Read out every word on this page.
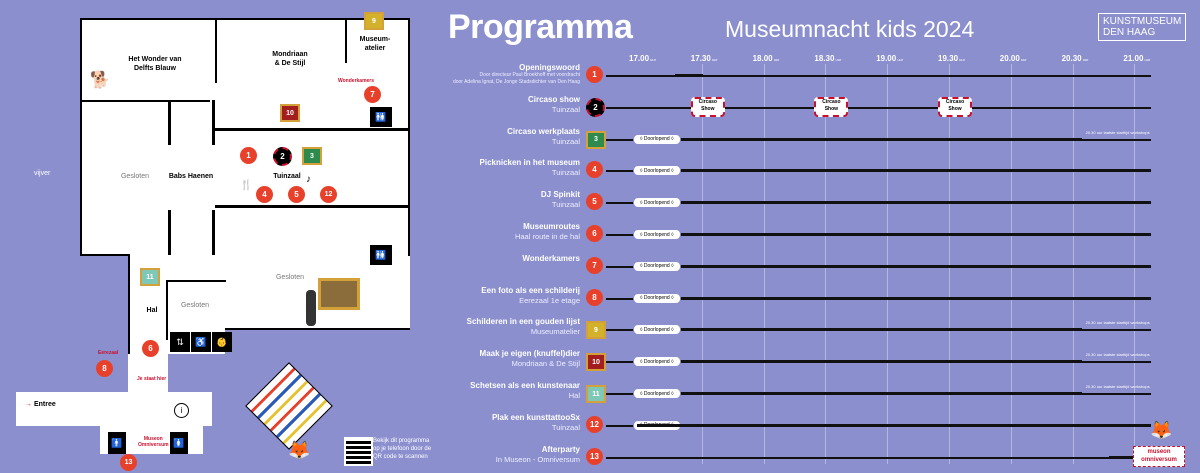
Het Wonder van
Delfts Blauw
Mondriaan
& De Stijl
Museum-
atelier
Babs Haenen	Tuinzaal
Hal
Gesloten
Gesloten
Gesloten
vijver
1	2	3
4	5	12
10
9
11
7
6
8
13
Wonderkamers
Eerezaal
Je staat hier
→ Entree
Museon
Omniversum
🚻
🚻
⇅	♿	👶
🚹	🚺
i
♪
🍴
🐕
🦊	Bekijk dit programma
op je telefoon door de
QR code te scannen
Programma	Museumnacht kids 2024	KUNSTMUSEUM
DEN HAAG
17.00 uur	17.30 uur	18.00 uur	18.30 uur	19.00 uur	19.30 uur	20.00 uur	20.30 uur	21.00 uur
Openingswoord
Door directeur Paul Broekhoff met voordracht
door Adelina Ignat, De Jonge Stadsdichter van Den Haag
1
Circaso show
Tuinzaal	2
Circaso
Show
Circaso
Show
Circaso
Show
Circaso werkplaats
Tuinzaal	3	◊ Doorlopend ◊
20.30 uur laatste starttijd workshops
Picknicken in het museum
Tuinzaal	4	◊ Doorlopend ◊
DJ Spinkit
Tuinzaal	5	◊ Doorlopend ◊
Museumroutes
Haal route in de hal	6	◊ Doorlopend ◊
Wonderkamers
7	◊ Doorlopend ◊
Een foto als een schilderij
Eerezaal 1e etage	8	◊ Doorlopend ◊
Schilderen in een gouden lijst
Museumatelier	9	◊ Doorlopend ◊
20.30 uur laatste starttijd workshops
Maak je eigen (knuffel)dier
Mondriaan & De Stijl	10	◊ Doorlopend ◊
20.30 uur laatste starttijd workshops
Schetsen als een kunstenaar
Hal	11	◊ Doorlopend ◊
20.30 uur laatste starttijd workshops
Plak een kunsttattooSx
Tuinzaal	12
Afterparty
In Museon - Omniversum	13	museon
omniversum
🦊
